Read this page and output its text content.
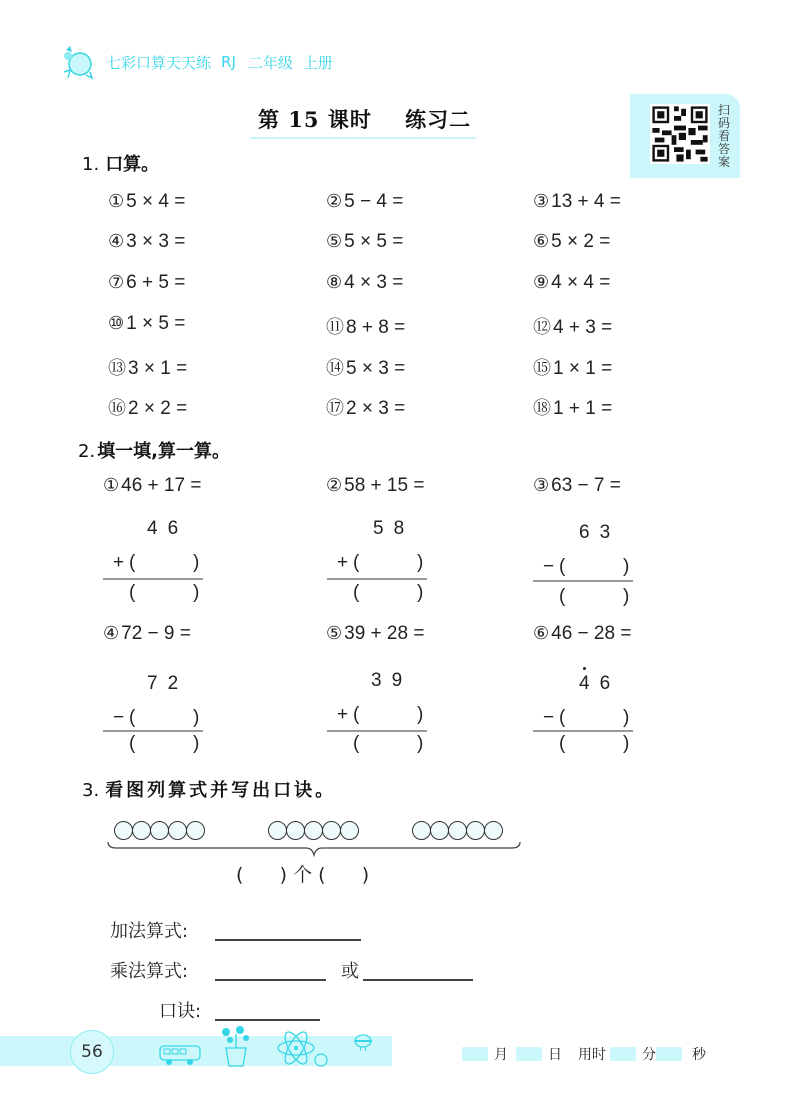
七彩口算天天练 RJ 二年级 上册
第 15 课时    练习二	扫码看答案
1. 口算。
① 5 × 4 =	② 5 − 4 =	③ 13 + 4 =
④ 3 × 3 =	⑤ 5 × 5 =	⑥ 5 × 2 =
⑦ 6 + 5 =	⑧ 4 × 3 =	⑨ 4 × 4 =
⑩ 1 × 5 =	⑪ 8 + 8 =	⑫ 4 + 3 =
⑬ 3 × 1 =	⑭ 5 × 3 =	⑮ 1 × 1 =
⑯ 2 × 2 =	⑰ 2 × 3 =	⑱ 1 + 1 =
2. 填一填,算一算。
① 46 + 17 =	② 58 + 15 =	③ 63 − 7 =
46
+ (	)
(	)
58
+ (	)
(	)
63
− (	)
(	)
④ 72 − 9 =	⑤ 39 + 28 =	⑥ 46 − 28 =
72
− (	)
(	)
39
+ (	)
(	)
46
− (	)
(	)
3. 看图列算式并写出口诀。
(      ) 个 (      )
加法算式:
乘法算式:	或
口诀:
56	月	日 用时	分	秒
